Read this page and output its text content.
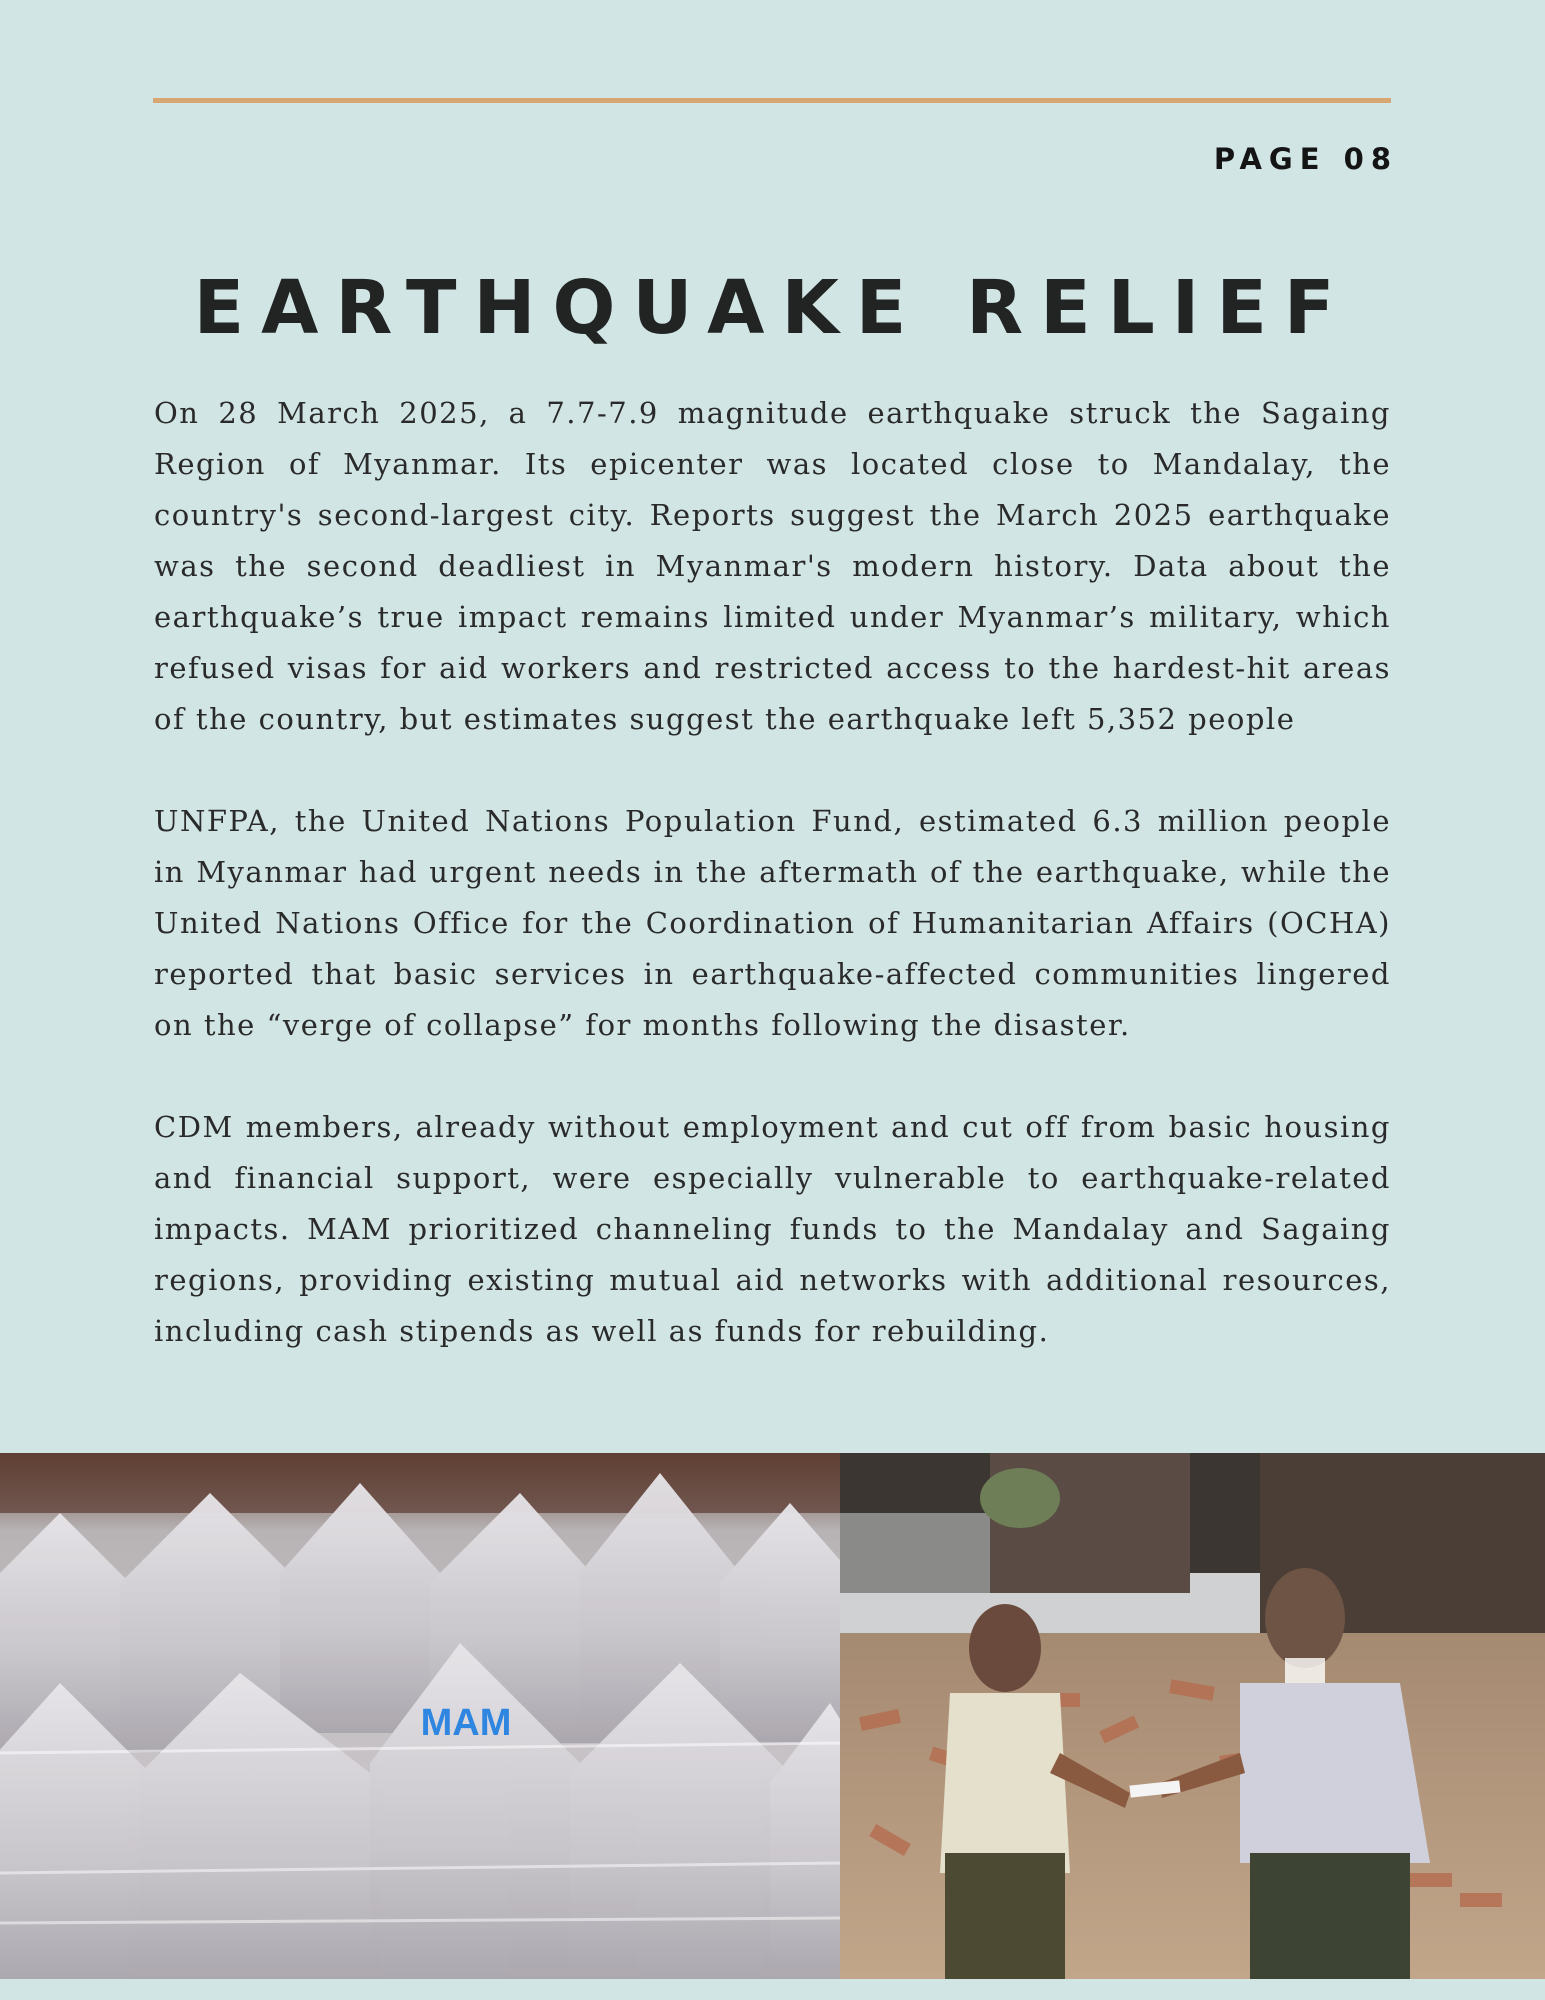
PAGE 08
EARTHQUAKE RELIEF

On 28 March 2025, a 7.7-7.9 magnitude earthquake struck the Sagaing Region of Myanmar. Its epicenter was located close to Mandalay, the country's second-largest city. Reports suggest the March 2025 earthquake was the second deadliest in Myanmar's modern history. Data about the earthquake’s true impact remains limited under Myanmar’s military, which refused visas for aid workers and restricted access to the hardest-hit areas of the country, but estimates suggest the earthquake left 5,352 people

UNFPA, the United Nations Population Fund, estimated 6.3 million people in Myanmar had urgent needs in the aftermath of the earthquake, while the United Nations Office for the Coordination of Humanitarian Affairs (OCHA) reported that basic services in earthquake-affected communities lingered on the “verge of collapse” for months following the disaster.

CDM members, already without employment and cut off from basic housing and financial support, were especially vulnerable to earthquake-related impacts. MAM prioritized channeling funds to the Mandalay and Sagaing regions, providing existing mutual aid networks with additional resources, including cash stipends as well as funds for rebuilding.

MAM
